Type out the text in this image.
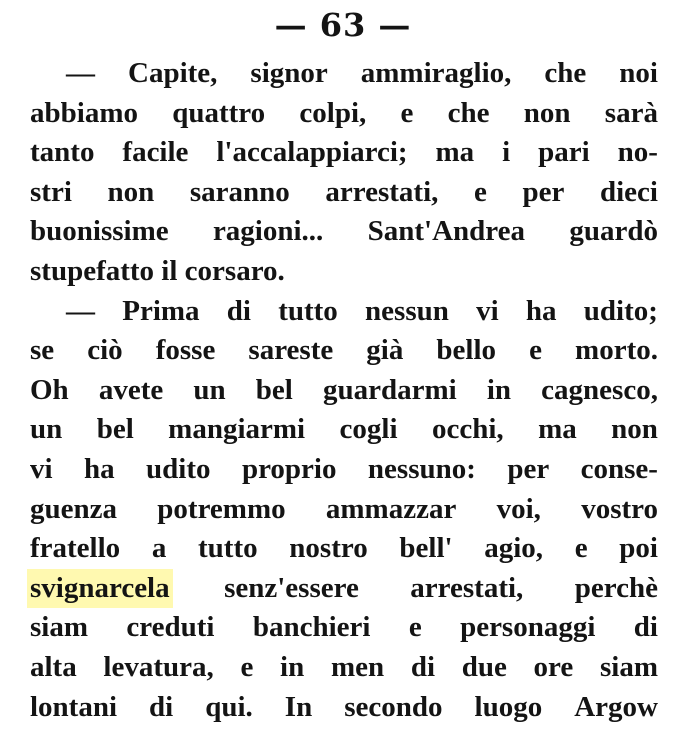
— 63 —
— Capite, signor ammiraglio, che noi
abbiamo quattro colpi, e che non sarà
tanto facile l'accalappiarci; ma i pari no-
stri non saranno arrestati, e per dieci
buonissime ragioni... Sant'Andrea guardò
stupefatto il corsaro.
— Prima di tutto nessun vi ha udito;
se ciò fosse sareste già bello e morto.
Oh avete un bel guardarmi in cagnesco,
un bel mangiarmi cogli occhi, ma non
vi ha udito proprio nessuno: per conse-
guenza potremmo ammazzar voi, vostro
fratello a tutto nostro bell' agio, e poi
svignarcela senz'essere arrestati, perchè
siam creduti banchieri e personaggi di
alta levatura, e in men di due ore siam
lontani di qui. In secondo luogo Argow
